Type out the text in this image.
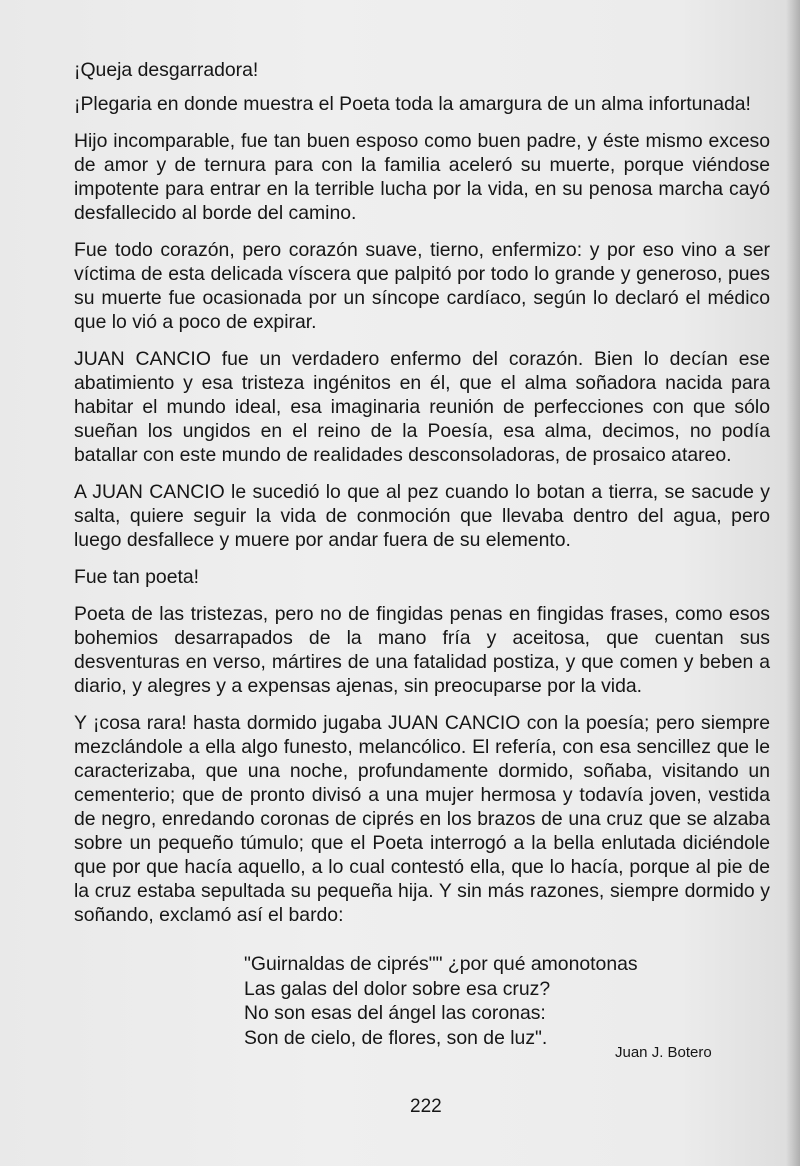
¡Queja desgarradora!

¡Plegaria en donde muestra el Poeta toda la amargura de un alma infortunada!

Hijo incomparable, fue tan buen esposo como buen padre, y éste mismo exceso de amor y de ternura para con la familia aceleró su muerte, porque viéndose impotente para entrar en la terrible lucha por la vida, en su penosa marcha cayó desfallecido al borde del camino.

Fue todo corazón, pero corazón suave, tierno, enfermizo: y por eso vino a ser víctima de esta delicada víscera que palpitó por todo lo grande y generoso, pues su muerte fue ocasionada por un síncope cardíaco, según lo declaró el médico que lo vió a poco de expirar.

JUAN CANCIO fue un verdadero enfermo del corazón. Bien lo decían ese abatimiento y esa tristeza ingénitos en él, que el alma soñadora nacida para habitar el mundo ideal, esa imaginaria reunión de perfecciones con que sólo sueñan los ungidos en el reino de la Poesía, esa alma, decimos, no podía batallar con este mundo de realidades desconsoladoras, de prosaico atareo.

A JUAN CANCIO le sucedió lo que al pez cuando lo botan a tierra, se sacude y salta, quiere seguir la vida de conmoción que llevaba dentro del agua, pero luego desfallece y muere por andar fuera de su elemento.

Fue tan poeta!

Poeta de las tristezas, pero no de fingidas penas en fingidas frases, como esos bohemios desarrapados de la mano fría y aceitosa, que cuentan sus desventuras en verso, mártires de una fatalidad postiza, y que comen y beben a diario, y alegres y a expensas ajenas, sin preocuparse por la vida.

Y ¡cosa rara! hasta dormido jugaba JUAN CANCIO con la poesía; pero siempre mezclándole a ella algo funesto, melancólico. El refería, con esa sencillez que le caracterizaba, que una noche, profundamente dormido, soñaba, visitando un cementerio; que de pronto divisó a una mujer hermosa y todavía joven, vestida de negro, enredando coronas de ciprés en los brazos de una cruz que se alzaba sobre un pequeño túmulo; que el Poeta interrogó a la bella enlutada diciéndole que por que hacía aquello, a lo cual contestó ella, que lo hacía, porque al pie de la cruz estaba sepultada su pequeña hija. Y sin más razones, siempre dormido y soñando, exclamó así el bardo:

"Guirnaldas de ciprés"" ¿por qué amonotonas
Las galas del dolor sobre esa cruz?
No son esas del ángel las coronas:
Son de cielo, de flores, son de luz".
Juan J. Botero
222
